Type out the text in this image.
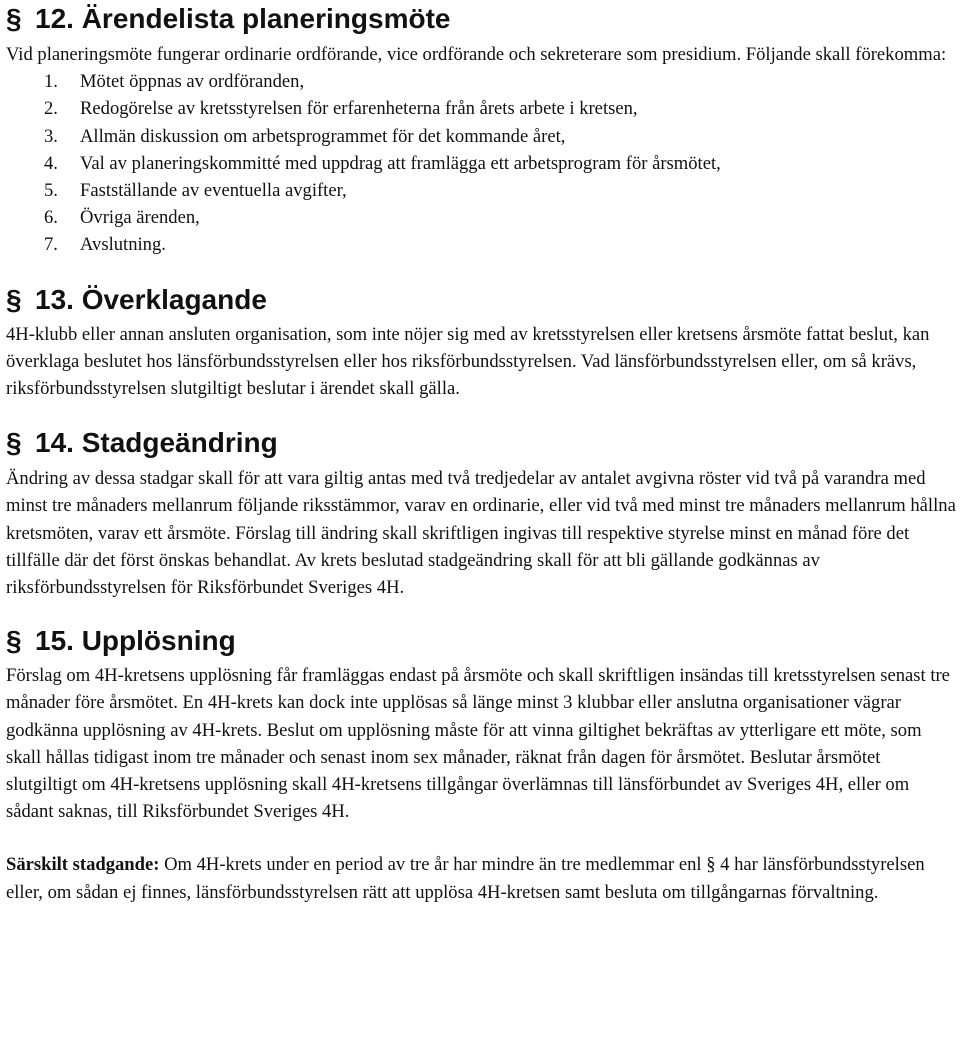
§ 12. Ärendelista planeringsmöte

Vid planeringsmöte fungerar ordinarie ordförande, vice ordförande och sekreterare som presidium. Följande skall förekomma:

1.	Mötet öppnas av ordföranden,
2.	Redogörelse av kretsstyrelsen för erfarenheterna från årets arbete i kretsen,
3.	Allmän diskussion om arbetsprogrammet för det kommande året,
4.	Val av planeringskommitté med uppdrag att framlägga ett arbetsprogram för årsmötet,
5.	Fastställande av eventuella avgifter,
6.	Övriga ärenden,
7.	Avslutning.
§ 13. Överklagande

4H-klubb eller annan ansluten organisation, som inte nöjer sig med av kretsstyrelsen eller kretsens årsmöte fattat beslut, kan överklaga beslutet hos länsförbundsstyrelsen eller hos riksförbundsstyrelsen. Vad länsförbundsstyrelsen eller, om så krävs, riksförbundsstyrelsen slutgiltigt beslutar i ärendet skall gälla.

§ 14. Stadgeändring

Ändring av dessa stadgar skall för att vara giltig antas med två tredjedelar av antalet avgivna röster vid två på varandra med minst tre månaders mellanrum följande riksstämmor, varav en ordinarie, eller vid två med minst tre månaders mellanrum hållna kretsmöten, varav ett årsmöte. Förslag till ändring skall skriftligen ingivas till respektive styrelse minst en månad före det tillfälle där det först önskas behandlat. Av krets beslutad stadgeändring skall för att bli gällande godkännas av riksförbundsstyrelsen för Riksförbundet Sveriges 4H.

§ 15. Upplösning

Förslag om 4H-kretsens upplösning får framläggas endast på årsmöte och skall skriftligen insändas till kretsstyrelsen senast tre månader före årsmötet. En 4H-krets kan dock inte upplösas så länge minst 3 klubbar eller anslutna organisationer vägrar godkänna upplösning av 4H-krets. Beslut om upplösning måste för att vinna giltighet bekräftas av ytterligare ett möte, som skall hållas tidigast inom tre månader och senast inom sex månader, räknat från dagen för årsmötet. Beslutar årsmötet slutgiltigt om 4H-kretsens upplösning skall 4H-kretsens tillgångar överlämnas till länsförbundet av Sveriges 4H, eller om sådant saknas, till Riksförbundet Sveriges 4H.

Särskilt stadgande: Om 4H-krets under en period av tre år har mindre än tre medlemmar enl § 4 har länsförbundsstyrelsen eller, om sådan ej finnes, länsförbundsstyrelsen rätt att upplösa 4H-kretsen samt besluta om tillgångarnas förvaltning.
